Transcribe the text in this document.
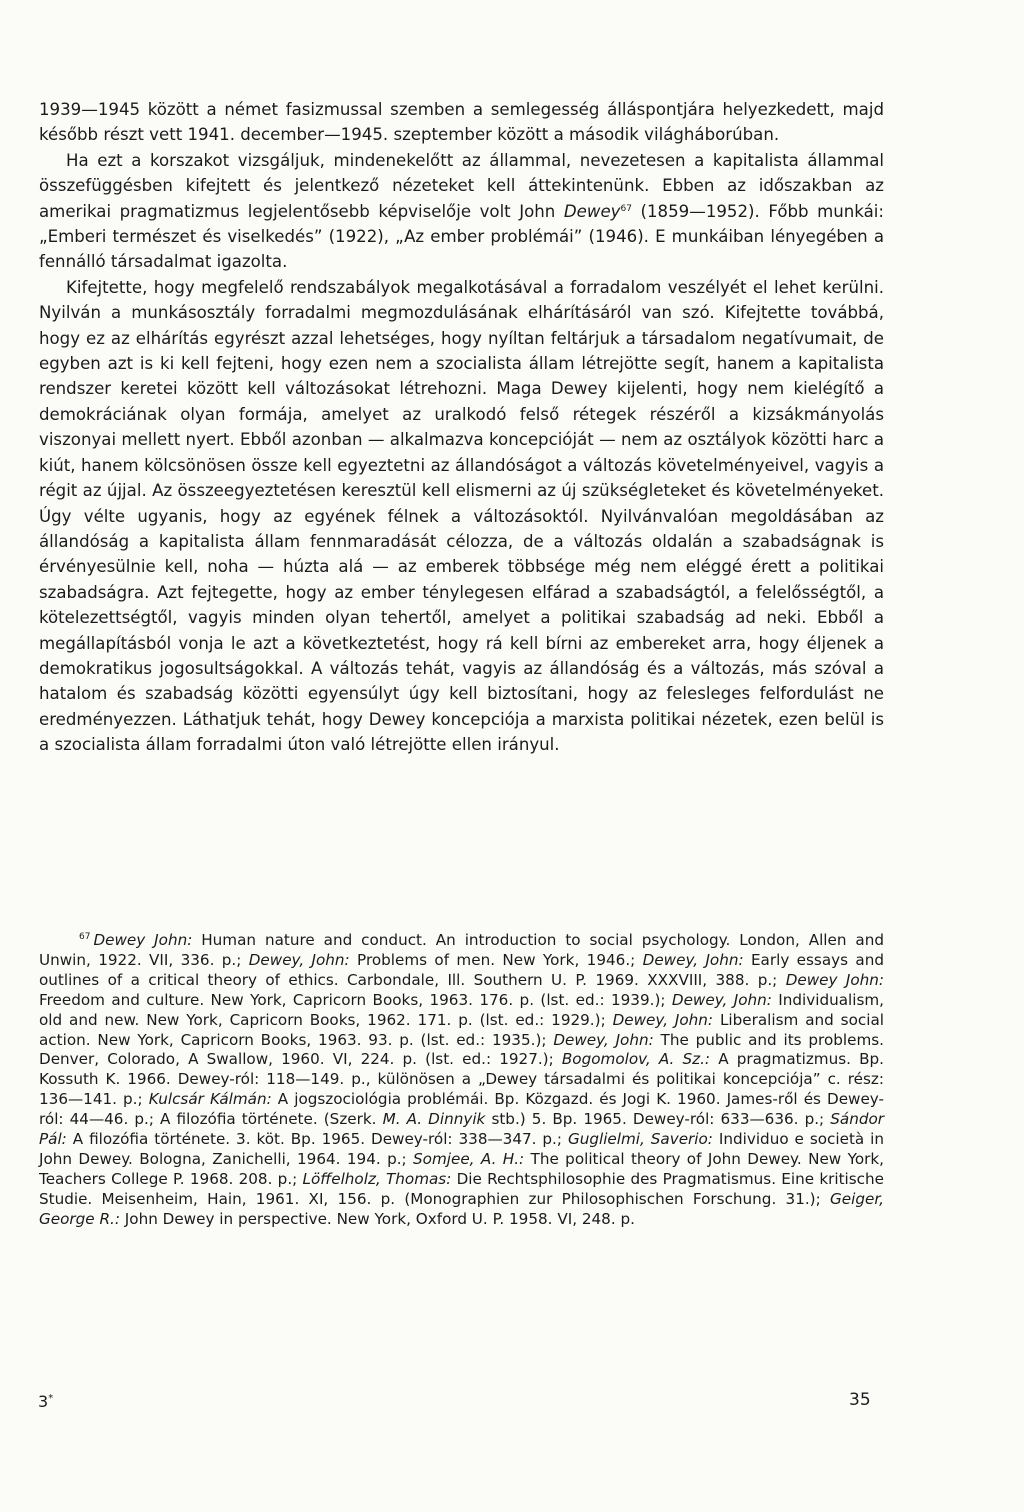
1939—1945 között a német fasizmussal szemben a semlegesség álláspontjára helyezkedett, majd később részt vett 1941. december—1945. szeptember között a második világháborúban.

Ha ezt a korszakot vizsgáljuk, mindenekelőtt az állammal, nevezetesen a kapitalista állammal összefüggésben kifejtett és jelentkező nézeteket kell áttekintenünk. Ebben az időszakban az amerikai pragmatizmus legjelentősebb képviselője volt John Dewey$^{67}$ (1859—1952). Főbb munkái: „Emberi természet és viselkedés” (1922), „Az ember problémái” (1946). E munkáiban lényegében a fennálló társadalmat igazolta.

Kifejtette, hogy megfelelő rendszabályok megalkotásával a forradalom veszélyét el lehet kerülni. Nyilván a munkásosztály forradalmi megmozdulásának elhárításáról van szó. Kifejtette továbbá, hogy ez az elhárítás egyrészt azzal lehetséges, hogy nyíltan feltárjuk a társadalom negatívumait, de egyben azt is ki kell fejteni, hogy ezen nem a szocialista állam létrejötte segít, hanem a kapitalista rendszer keretei között kell változásokat létrehozni. Maga Dewey kijelenti, hogy nem kielégítő a demokráciának olyan formája, amelyet az uralkodó felső rétegek részéről a kizsákmányolás viszonyai mellett nyert. Ebből azonban — alkalmazva koncepcióját — nem az osztályok közötti harc a kiút, hanem kölcsönösen össze kell egyeztetni az állandóságot a változás követelményeivel, vagyis a régit az újjal. Az összeegyeztetésen keresztül kell elismerni az új szükségleteket és követelményeket. Úgy vélte ugyanis, hogy az egyének félnek a változásoktól. Nyilvánvalóan megoldásában az állandóság a kapitalista állam fennmaradását célozza, de a változás oldalán a szabadságnak is érvényesülnie kell, noha — húzta alá — az emberek többsége még nem eléggé érett a politikai szabadságra. Azt fejtegette, hogy az ember ténylegesen elfárad a szabadságtól, a felelősségtől, a kötelezettségtől, vagyis minden olyan tehertől, amelyet a politikai szabadság ad neki. Ebből a megállapításból vonja le azt a következtetést, hogy rá kell bírni az embereket arra, hogy éljenek a demokratikus jogosultságokkal. A változás tehát, vagyis az állandóság és a változás, más szóval a hatalom és szabadság közötti egyensúlyt úgy kell biztosítani, hogy az felesleges felfordulást ne eredményezzen. Láthatjuk tehát, hogy Dewey koncepciója a marxista politikai nézetek, ezen belül is a szocialista állam forradalmi úton való létrejötte ellen irányul.

$^{67}$ Dewey John: Human nature and conduct. An introduction to social psychology. London, Allen and Unwin, 1922. VII, 336. p.; Dewey, John: Problems of men. New York, 1946.; Dewey, John: Early essays and outlines of a critical theory of ethics. Carbondale, Ill. Southern U. P. 1969. XXXVIII, 388. p.; Dewey John: Freedom and culture. New York, Capricorn Books, 1963. 176. p. (lst. ed.: 1939.); Dewey, John: Individualism, old and new. New York, Capricorn Books, 1962. 171. p. (lst. ed.: 1929.); Dewey, John: Liberalism and social action. New York, Capricorn Books, 1963. 93. p. (lst. ed.: 1935.); Dewey, John: The public and its problems. Denver, Colorado, A Swallow, 1960. VI, 224. p. (lst. ed.: 1927.); Bogomolov, A. Sz.: A pragmatizmus. Bp. Kossuth K. 1966. Dewey-ról: 118—149. p., különösen a „Dewey társadalmi és politikai koncepciója” c. rész: 136—141. p.; Kulcsár Kálmán: A jogszociológia problémái. Bp. Közgazd. és Jogi K. 1960. James-ről és Dewey-ról: 44—46. p.; A filozófia története. (Szerk. M. A. Dinnyik stb.) 5. Bp. 1965. Dewey-ról: 633—636. p.; Sándor Pál: A filozófia története. 3. köt. Bp. 1965. Dewey-ról: 338—347. p.; Guglielmi, Saverio: Individuo e società in John Dewey. Bologna, Zanichelli, 1964. 194. p.; Somjee, A. H.: The political theory of John Dewey. New York, Teachers College P. 1968. 208. p.; Löffelholz, Thomas: Die Rechtsphilosophie des Pragmatismus. Eine kritische Studie. Meisenheim, Hain, 1961. XI, 156. p. (Monographien zur Philosophischen Forschung. 31.); Geiger, George R.: John Dewey in perspective. New York, Oxford U. P. 1958. VI, 248. p.

3*	35
